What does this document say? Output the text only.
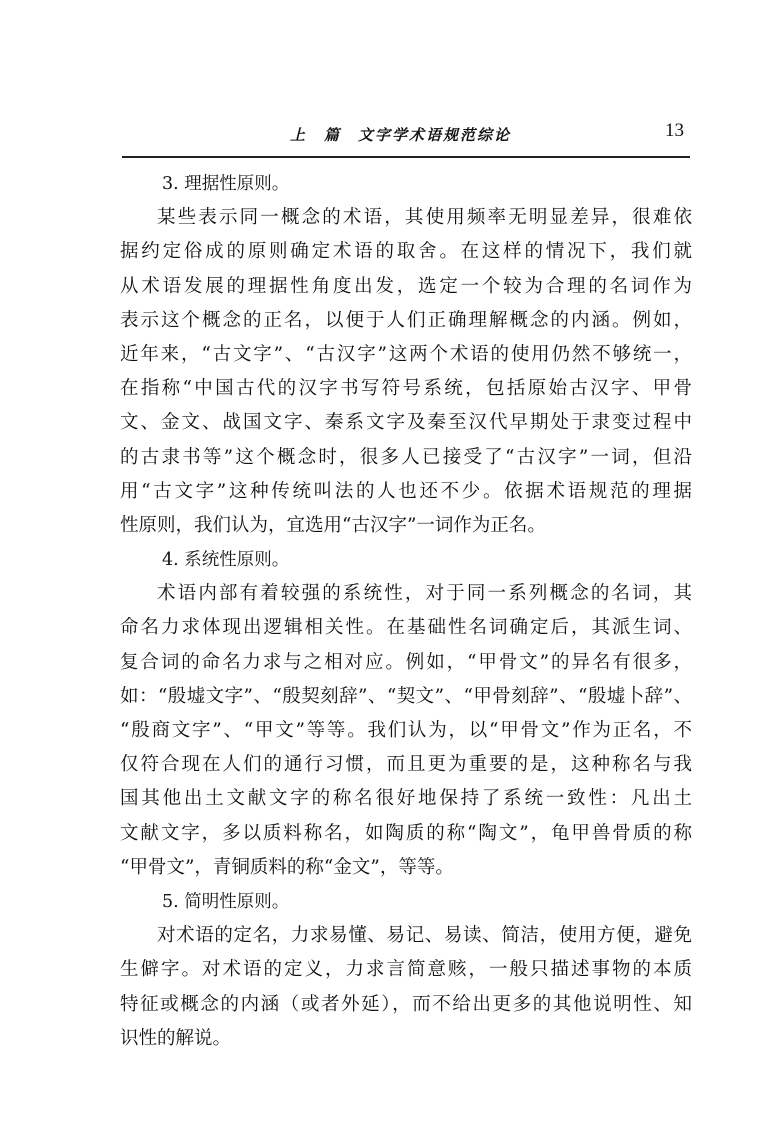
上　篇　文字学术语规范综论	13
3. 理据性原则。
某些表示同一概念的术语，其使用频率无明显差异，很难依
据约定俗成的原则确定术语的取舍。在这样的情况下，我们就
从术语发展的理据性角度出发，选定一个较为合理的名词作为
表示这个概念的正名，以便于人们正确理解概念的内涵。例如，
近年来，“古文字”、“古汉字”这两个术语的使用仍然不够统一，
在指称“中国古代的汉字书写符号系统，包括原始古汉字、甲骨
文、金文、战国文字、秦系文字及秦至汉代早期处于隶变过程中
的古隶书等”这个概念时，很多人已接受了“古汉字”一词，但沿
用“古文字”这种传统叫法的人也还不少。依据术语规范的理据
性原则，我们认为，宜选用“古汉字”一词作为正名。
4. 系统性原则。
术语内部有着较强的系统性，对于同一系列概念的名词，其
命名力求体现出逻辑相关性。在基础性名词确定后，其派生词、
复合词的命名力求与之相对应。例如，“甲骨文”的异名有很多，
如：“殷墟文字”、“殷契刻辞”、“契文”、“甲骨刻辞”、“殷墟卜辞”、
“殷商文字”、“甲文”等等。我们认为，以“甲骨文”作为正名，不
仅符合现在人们的通行习惯，而且更为重要的是，这种称名与我
国其他出土文献文字的称名很好地保持了系统一致性：凡出土
文献文字，多以质料称名，如陶质的称“陶文”，龟甲兽骨质的称
“甲骨文”，青铜质料的称“金文”，等等。
5. 简明性原则。
对术语的定名，力求易懂、易记、易读、简洁，使用方便，避免
生僻字。对术语的定义，力求言简意赅，一般只描述事物的本质
特征或概念的内涵（或者外延），而不给出更多的其他说明性、知
识性的解说。
